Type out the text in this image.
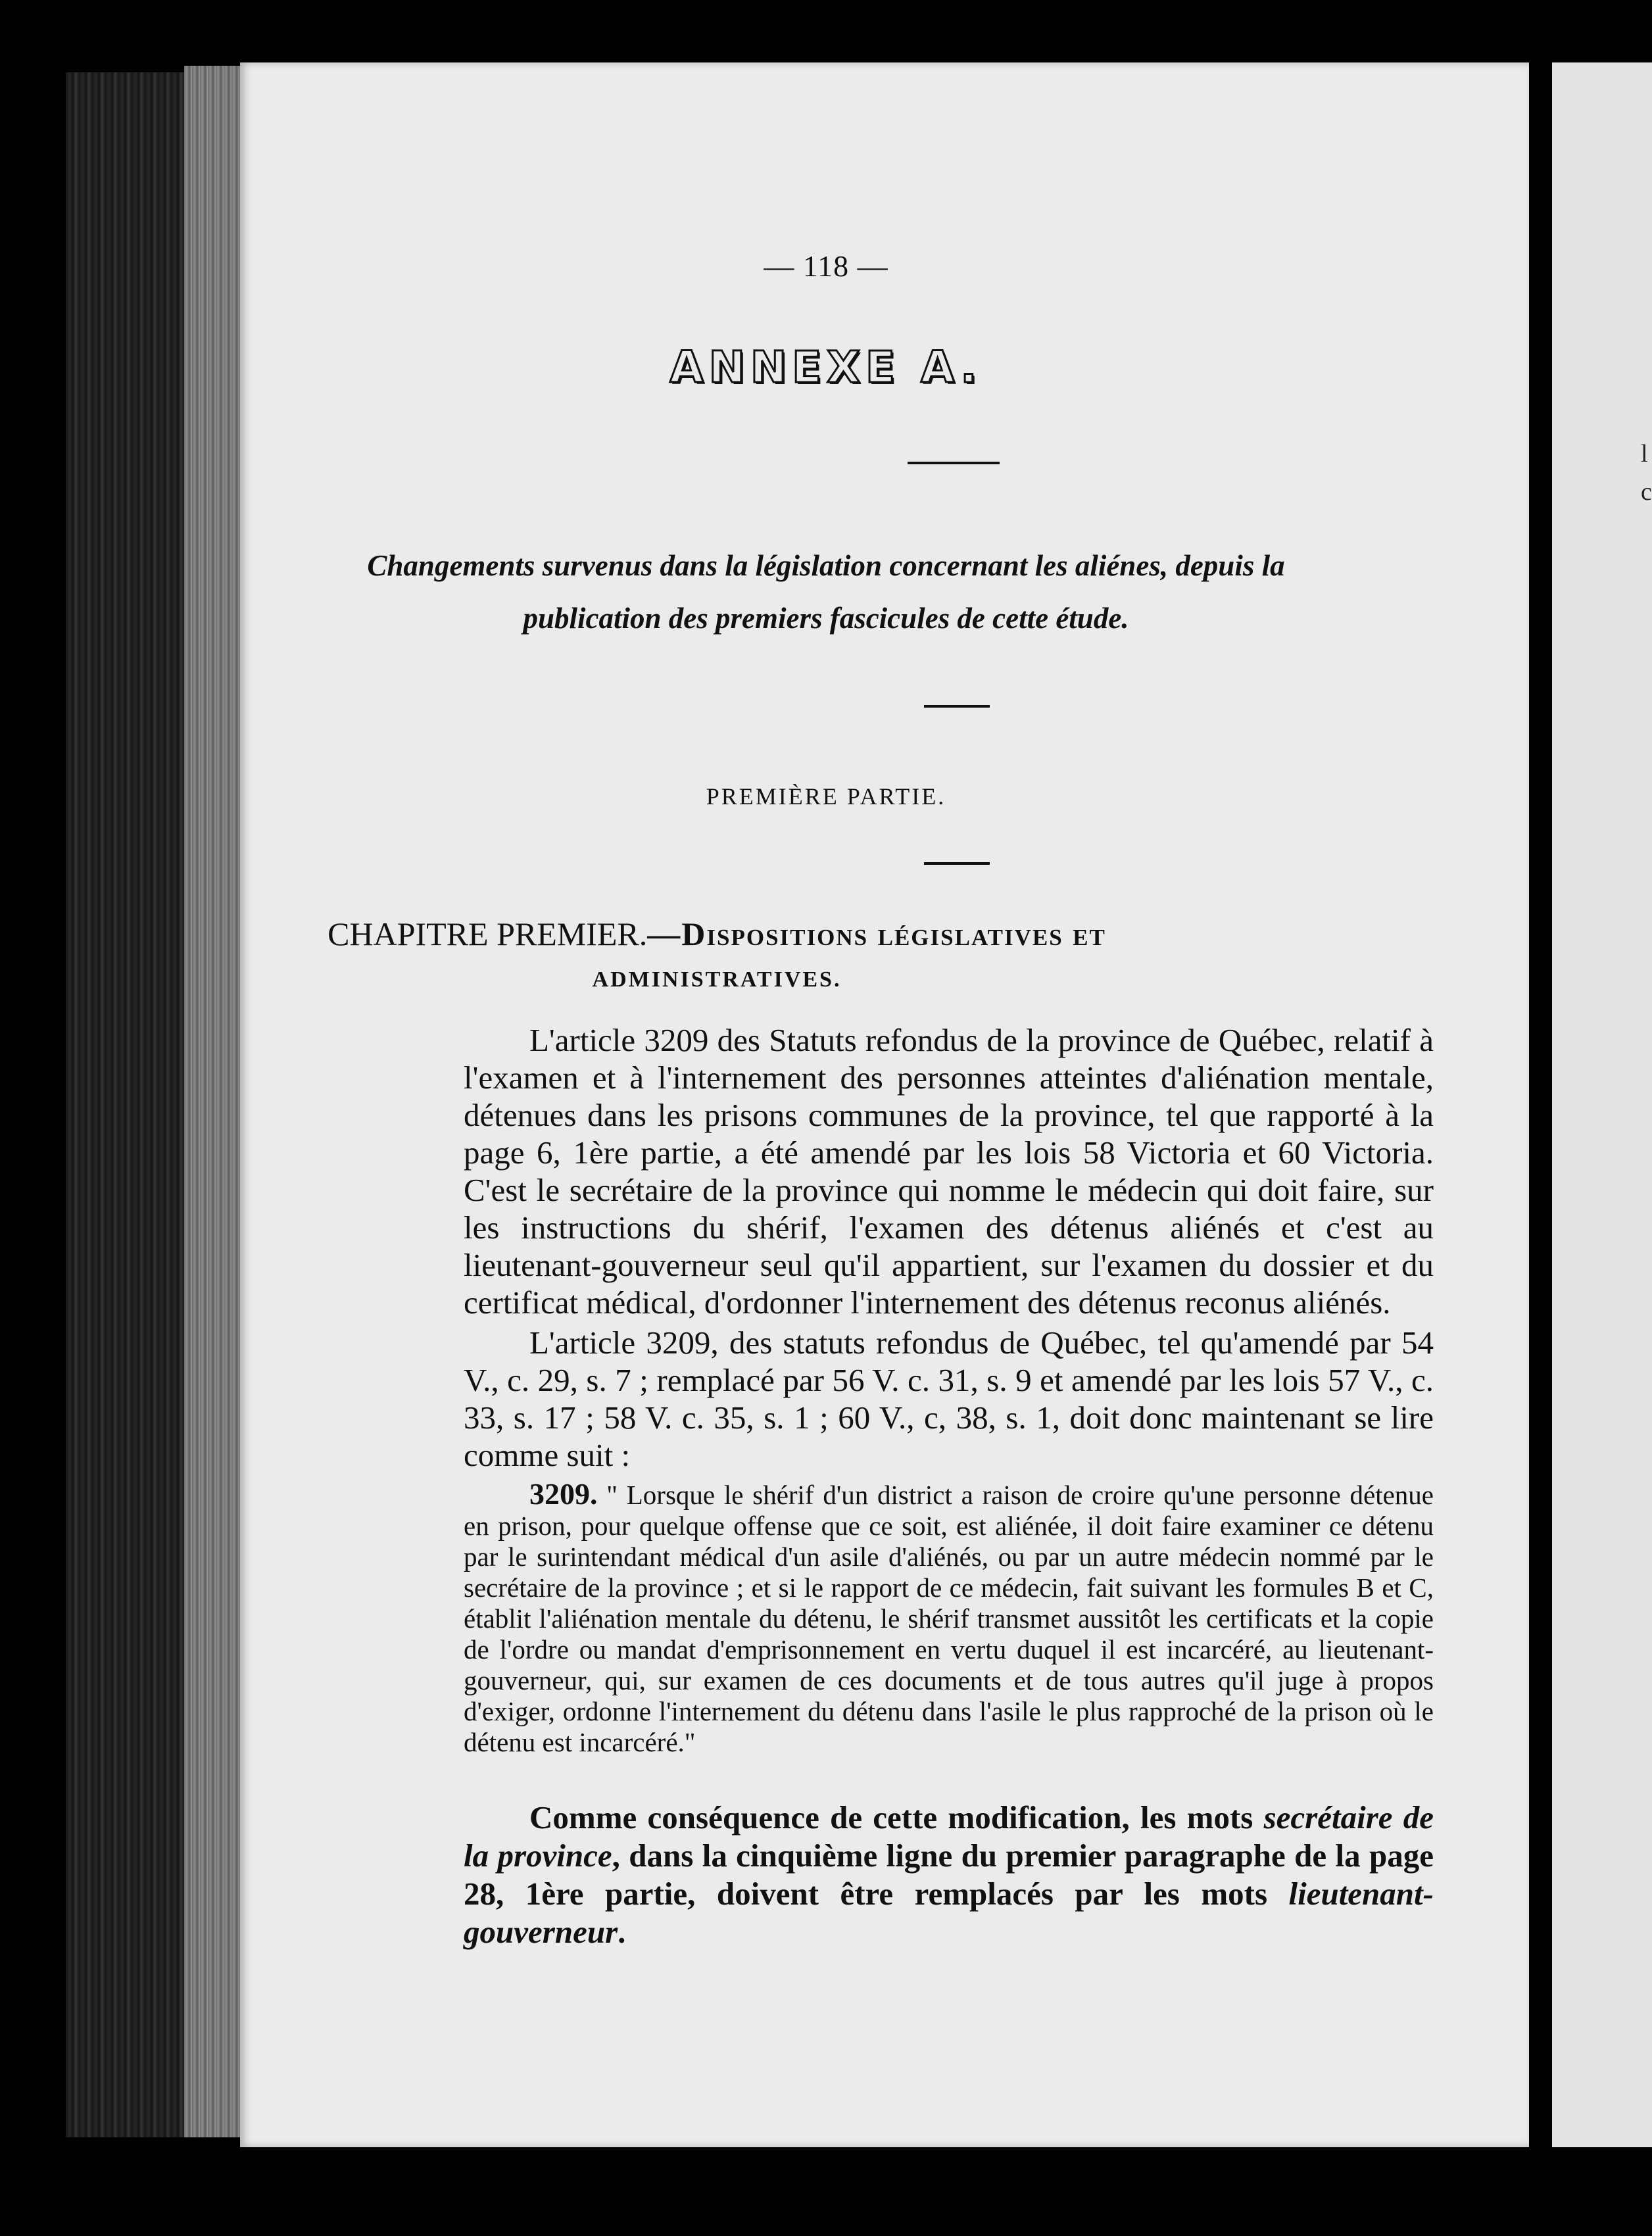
l
c
— 118 —
ANNEXE A.
Changements survenus dans la législation concernant les aliénes, depuis la
publication des premiers fascicules de cette étude.
PREMIÈRE PARTIE.
CHAPITRE PREMIER.—Dispositions législatives et
ADMINISTRATIVES.

L'article 3209 des Statuts refondus de la province de Québec, relatif à l'examen et à l'internement des personnes atteintes d'aliénation mentale, détenues dans les prisons communes de la province, tel que rapporté à la page 6, 1ère partie, a été amendé par les lois 58 Victoria et 60 Victoria. C'est le secrétaire de la province qui nomme le médecin qui doit faire, sur les instructions du shérif, l'examen des détenus aliénés et c'est au lieutenant-gouverneur seul qu'il appartient, sur l'examen du dossier et du certificat médical, d'ordonner l'internement des détenus reconus aliénés.

L'article 3209, des statuts refondus de Québec, tel qu'amendé par 54 V., c. 29, s. 7 ; remplacé par 56 V. c. 31, s. 9 et amendé par les lois 57 V., c. 33, s. 17 ; 58 V. c. 35, s. 1 ; 60 V., c, 38, s. 1, doit donc maintenant se lire comme suit :

3209. " Lorsque le shérif d'un district a raison de croire qu'une personne détenue en prison, pour quelque offense que ce soit, est aliénée, il doit faire examiner ce détenu par le surintendant médical d'un asile d'aliénés, ou par un autre médecin nommé par le secrétaire de la province ; et si le rapport de ce médecin, fait suivant les formules B et C, établit l'aliénation mentale du détenu, le shérif transmet aussitôt les certificats et la copie de l'ordre ou mandat d'emprisonnement en vertu duquel il est incarcéré, au lieutenant-gouverneur, qui, sur examen de ces documents et de tous autres qu'il juge à propos d'exiger, ordonne l'internement du détenu dans l'asile le plus rapproché de la prison où le détenu est incarcéré."

Comme conséquence de cette modification, les mots secrétaire de la province, dans la cinquième ligne du premier paragraphe de la page 28, 1ère partie, doivent être remplacés par les mots lieutenant-gouverneur.
